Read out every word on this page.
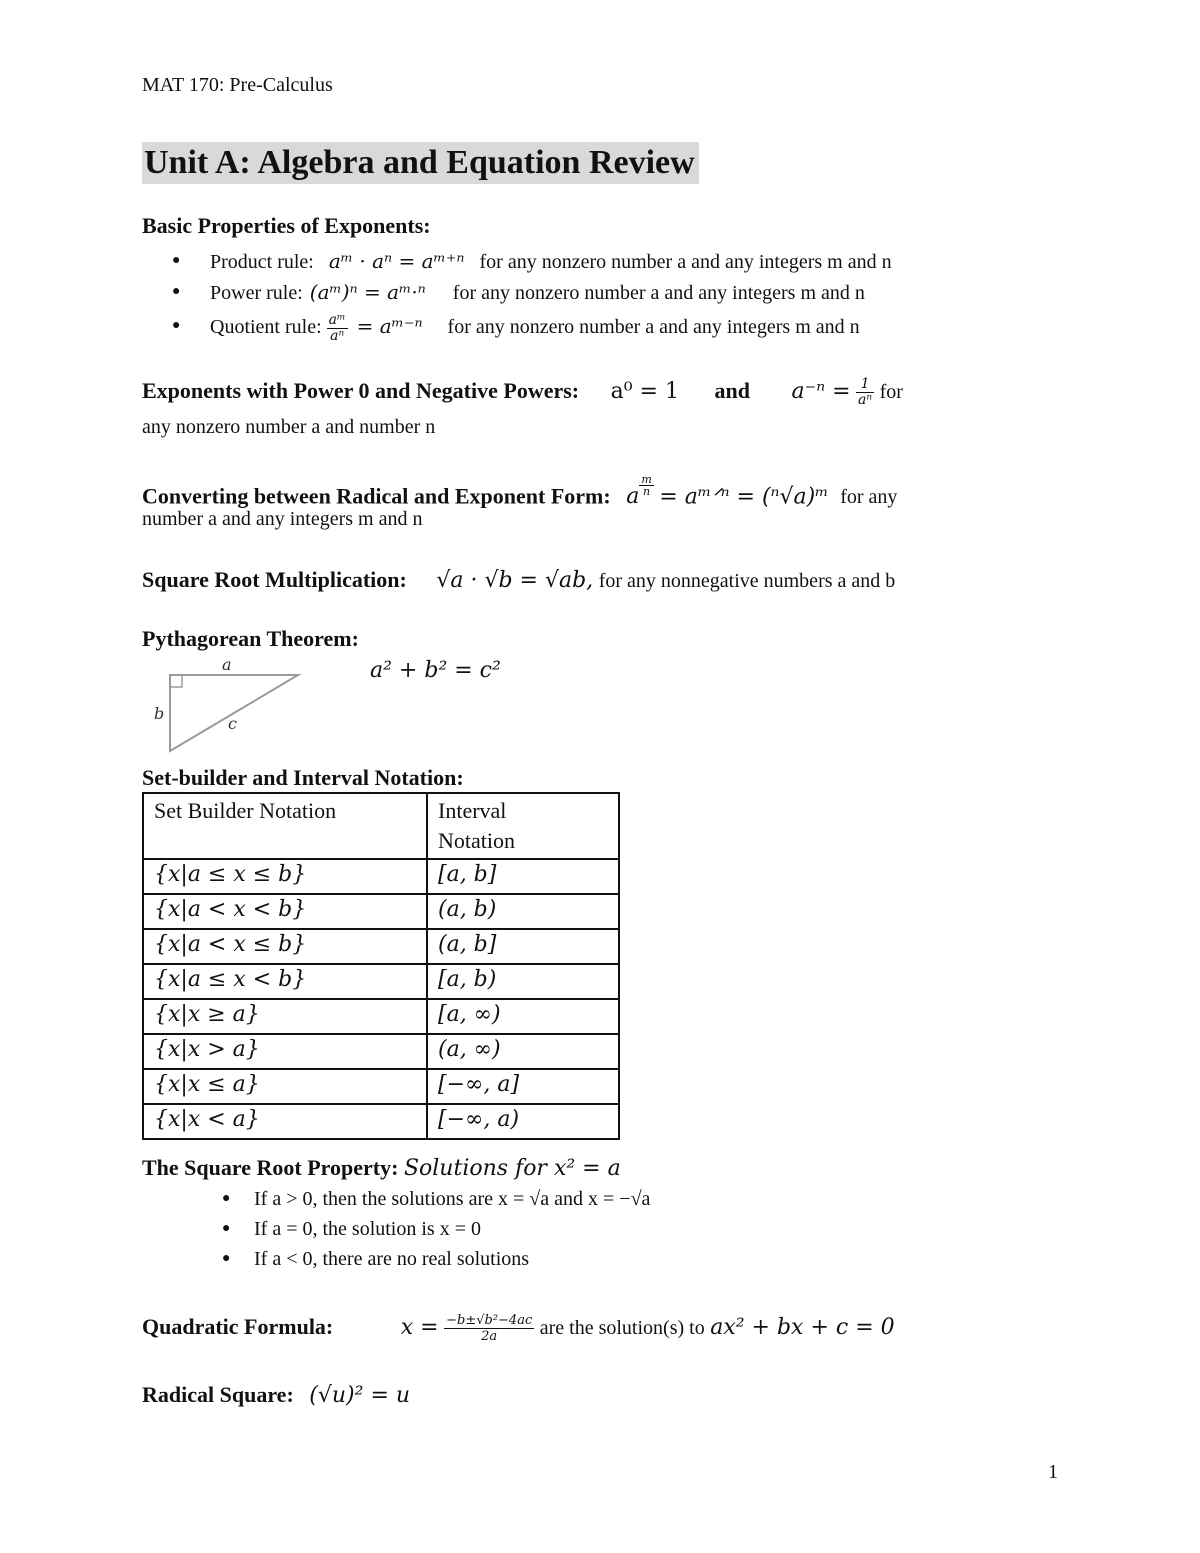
MAT 170: Pre-Calculus
Unit A: Algebra and Equation Review
Basic Properties of Exponents:
● Product rule: aᵐ · aⁿ = aᵐ⁺ⁿ for any nonzero number a and any integers m and n
● Power rule: (aᵐ)ⁿ = aᵐ·ⁿ for any nonzero number a and any integers m and n
● Quotient rule: $\frac{\text{aᵐ}}{\text{aⁿ}}$ = aᵐ⁻ⁿ for any nonzero number a and any integers m and n
Exponents with Power 0 and Negative Powers: a⁰ = 1 and $a^{-n} = \frac{1}{\text{aⁿ}}$ for
any nonzero number a and number n
Converting between Radical and Exponent Form: a $\frac{m}{n}$ = aᵐᐟⁿ = (ⁿ√a)ᵐ for any
number a and any integers m and n
Square Root Multiplication: √a · √b = √ab, for any nonnegative numbers a and b
Pythagorean Theorem:
a
b
c
a² + b² = c²
Set-builder and Interval Notation:
Set Builder Notation	Interval
Notation
{x|a ≤ x ≤ b}	[a, b]
{x|a < x < b}	(a, b)
{x|a < x ≤ b}	(a, b]
{x|a ≤ x < b}	[a, b)
{x|x ≥ a}	[a, ∞)
{x|x > a}	(a, ∞)
{x|x ≤ a}	[−∞, a]
{x|x < a}	[−∞, a)
The Square Root Property: Solutions for x² = a
● If a > 0, then the solutions are x = √a and x = −√a
● If a = 0, the solution is x = 0
● If a < 0, there are no real solutions
Quadratic Formula:	$x = \frac{\text{−b±√b²−4ac}}{2a}$ are the solution(s) to ax² + bx + c = 0
Radical Square: (√u)² = u
1
